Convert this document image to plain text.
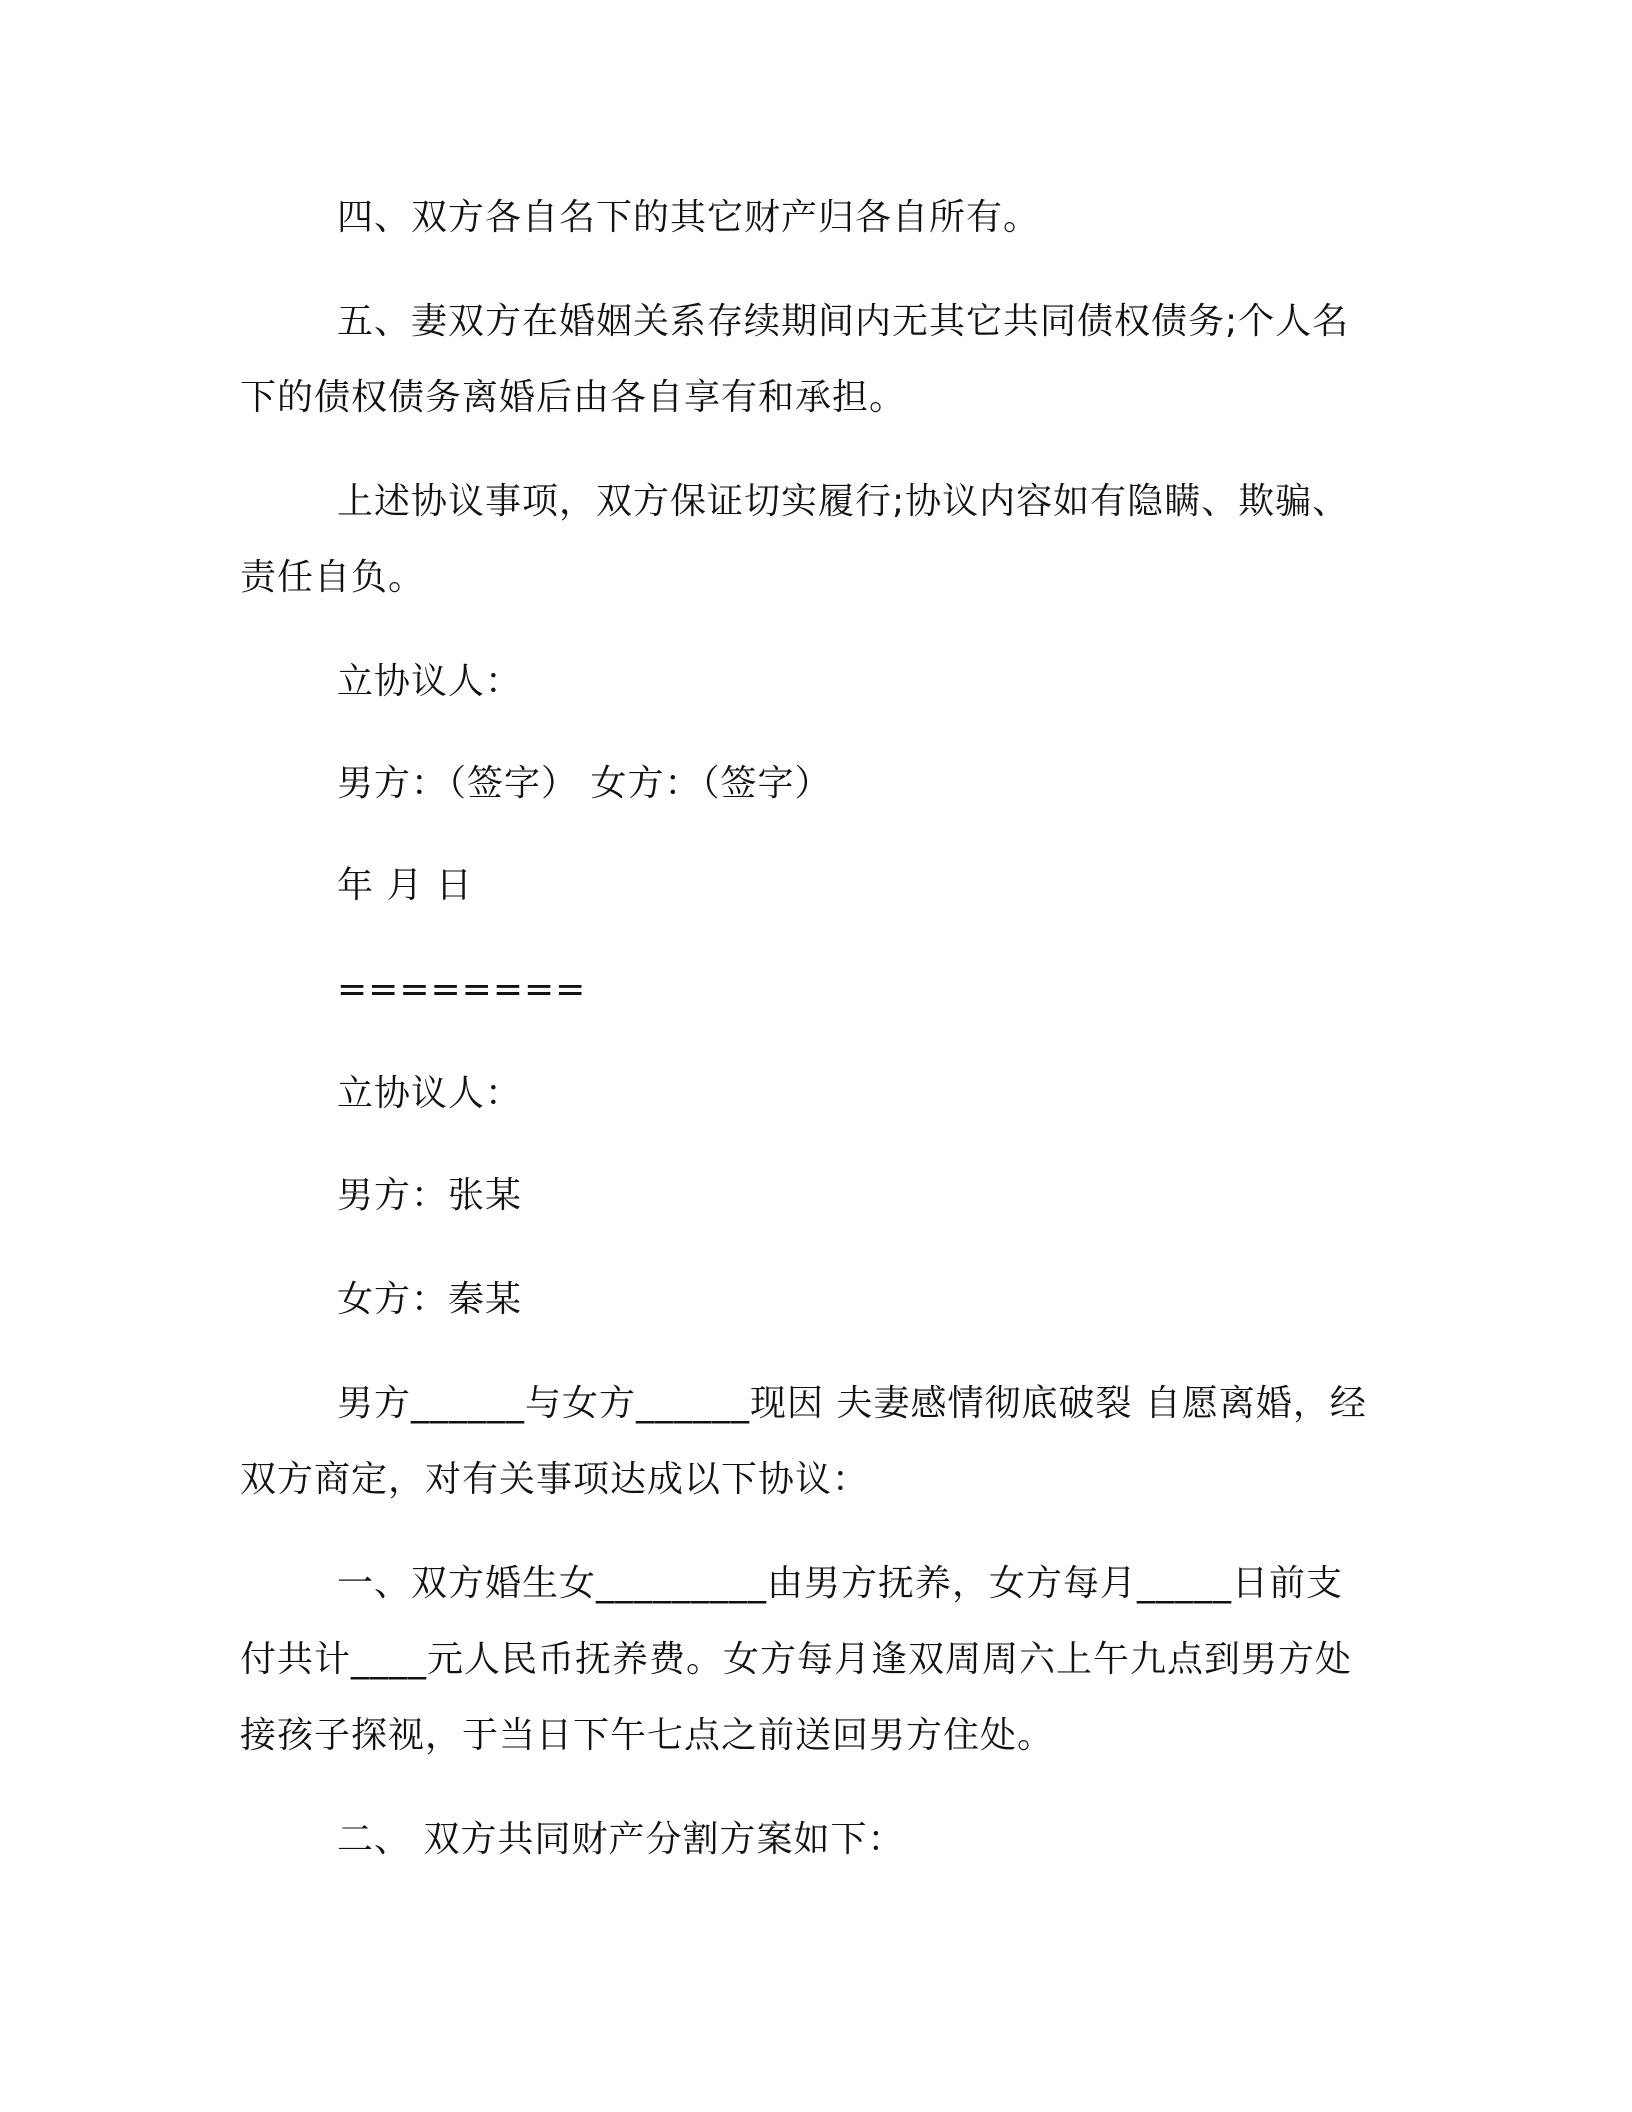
四、双方各自名下的其它财产归各自所有。
五、妻双方在婚姻关系存续期间内无其它共同债权债务;个人名
下的债权债务离婚后由各自享有和承担。
上述协议事项，双方保证切实履行;协议内容如有隐瞒、欺骗、
责任自负。
立协议人：
男方：（签字） 女方：（签字）
年 月 日
========
立协议人：
男方：张某
女方：秦某
男方______与女方______现因 夫妻感情彻底破裂 自愿离婚，经
双方商定，对有关事项达成以下协议：
一、双方婚生女_________由男方抚养，女方每月_____日前支
付共计____元人民币抚养费。女方每月逢双周周六上午九点到男方处
接孩子探视，于当日下午七点之前送回男方住处。
二、 双方共同财产分割方案如下：
